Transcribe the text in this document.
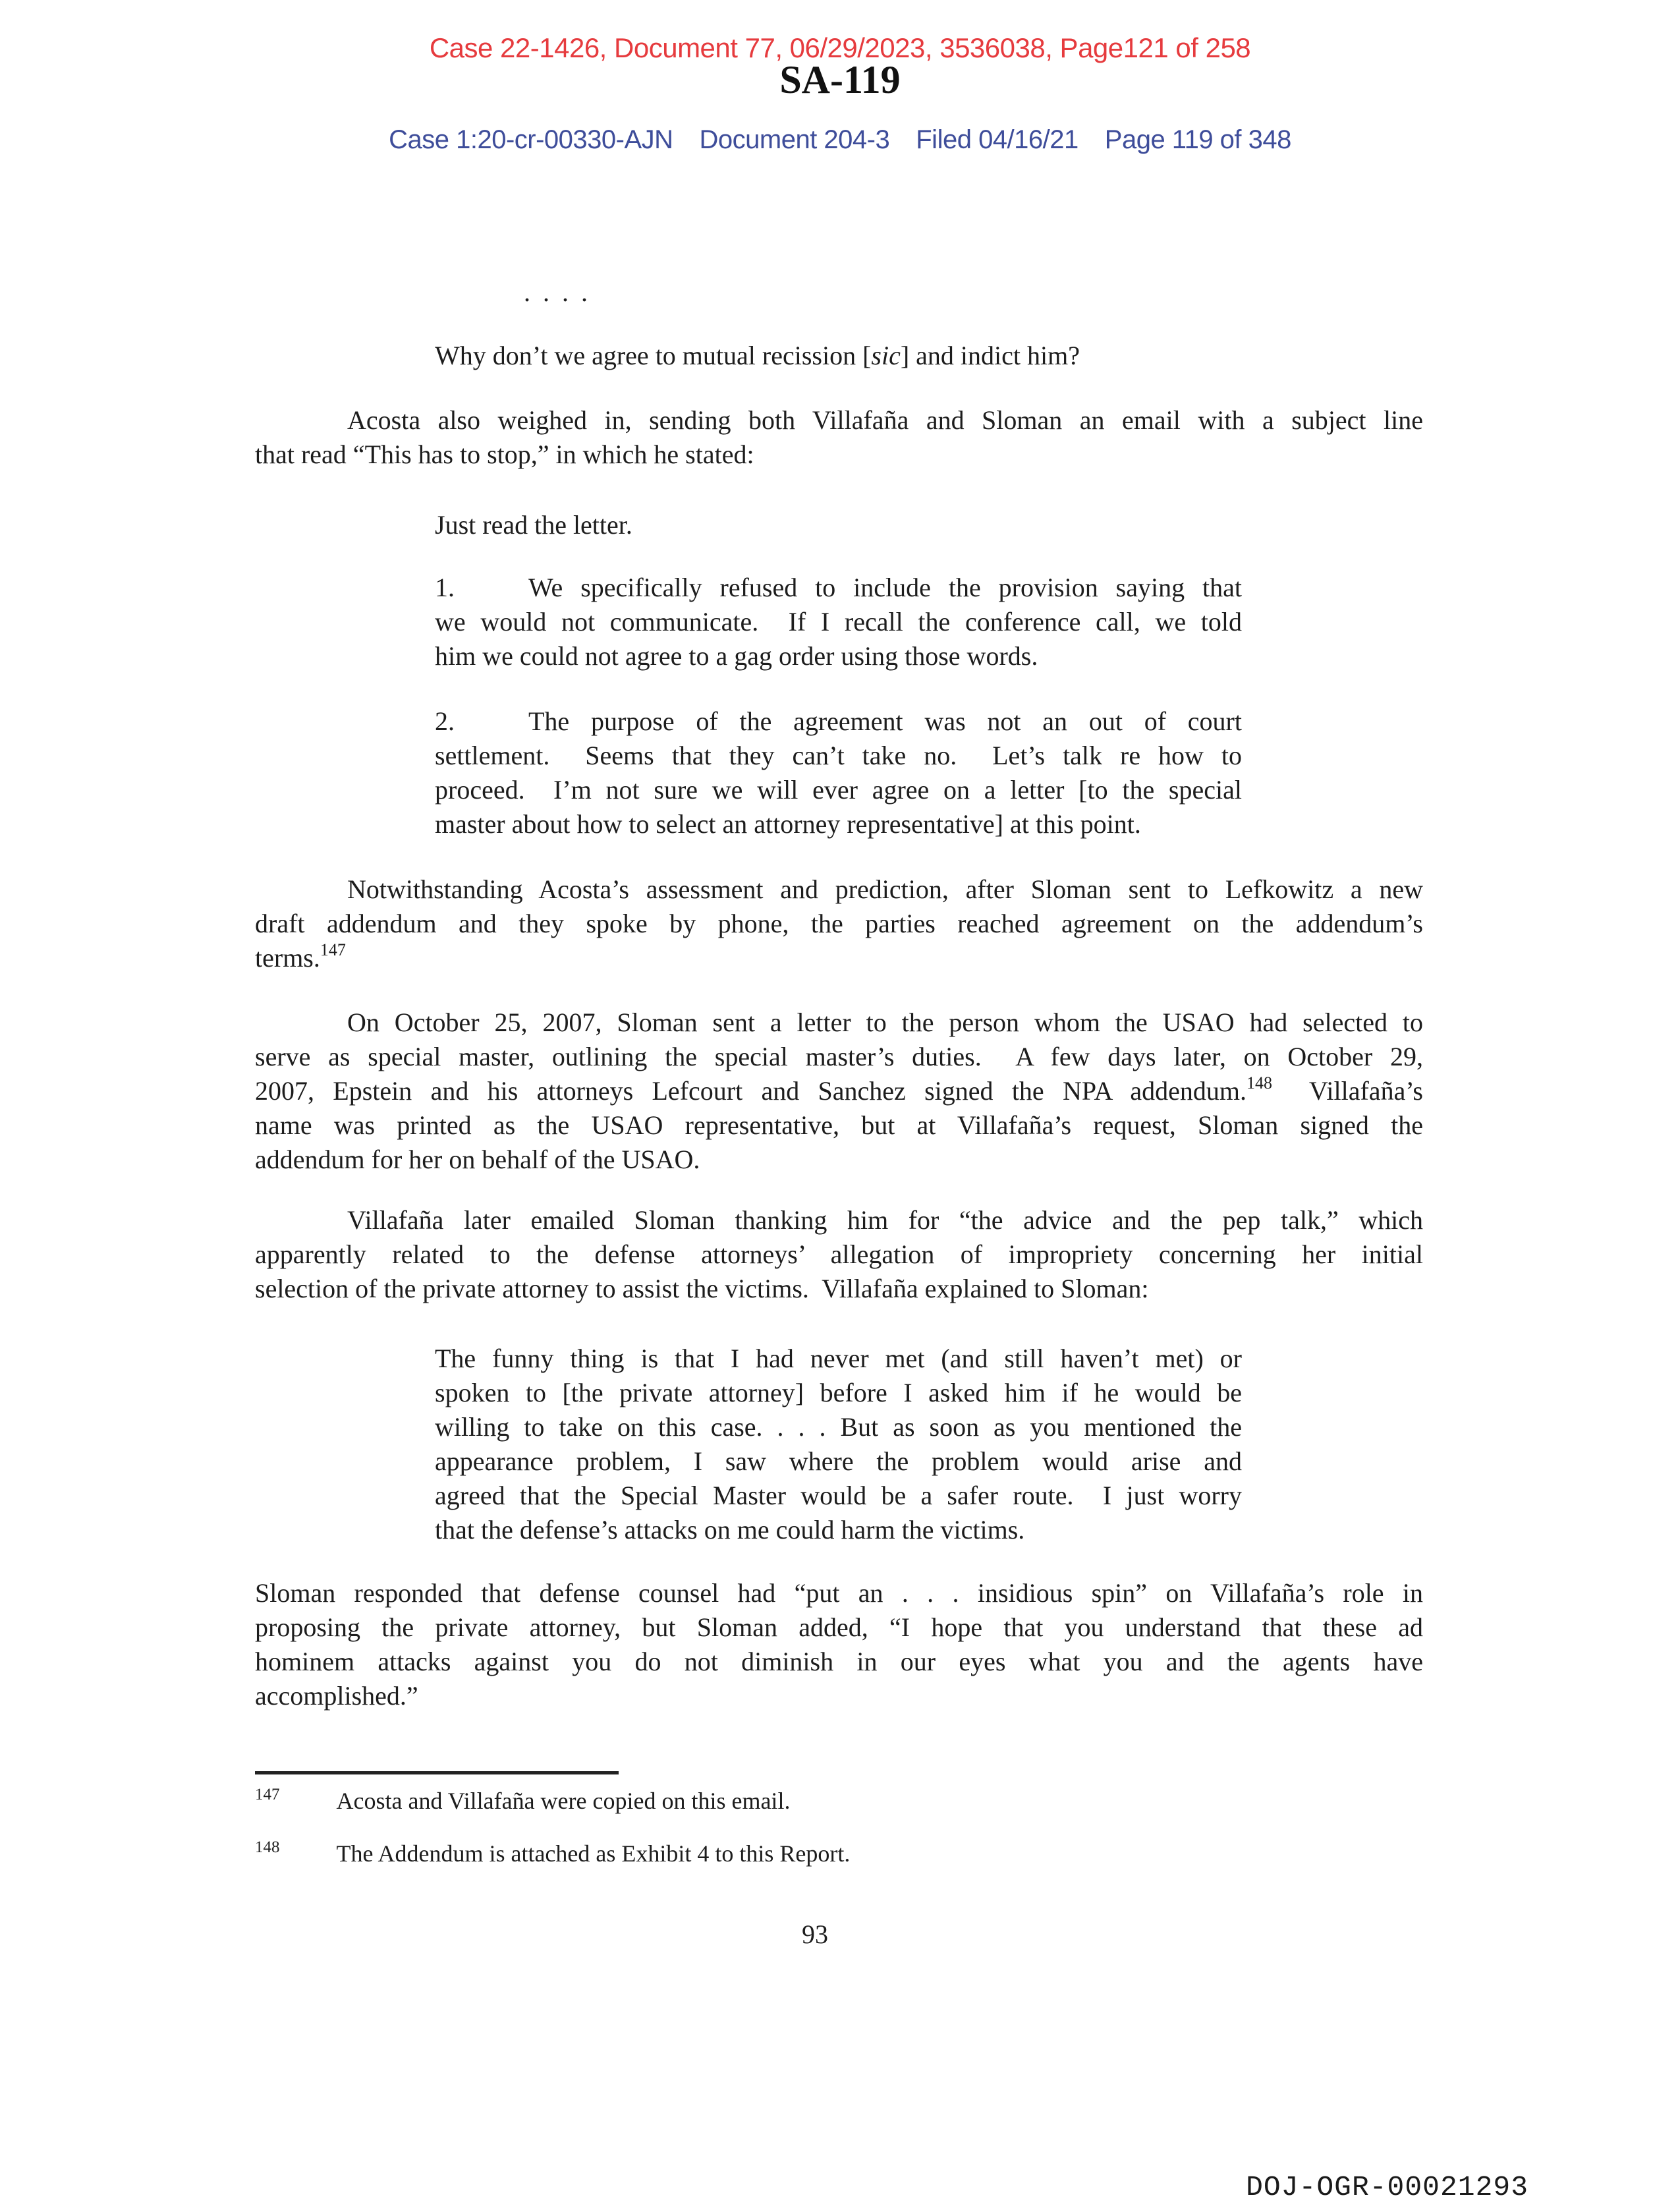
Case 22-1426, Document 77, 06/29/2023, 3536038, Page121 of 258
SA-119
Case 1:20-cr-00330-AJN Document 204-3 Filed 04/16/21 Page 119 of 348
. . . .
Why don’t we agree to mutual recission [sic] and indict him?
Acosta also weighed in, sending both Villafaña and Sloman an email with a subject line
that read “This has to stop,” in which he stated:
Just read the letter.
1.	We specifically refused to include the provision saying that
we would not communicate.  If I recall the conference call, we told
him we could not agree to a gag order using those words.
2.	The purpose of the agreement was not an out of court
settlement.  Seems that they can’t take no.  Let’s talk re how to
proceed.  I’m not sure we will ever agree on a letter [to the special
master about how to select an attorney representative] at this point.
Notwithstanding Acosta’s assessment and prediction, after Sloman sent to Lefkowitz a new
draft addendum and they spoke by phone, the parties reached agreement on the addendum’s
terms.$^{147}$
On October 25, 2007, Sloman sent a letter to the person whom the USAO had selected to
serve as special master, outlining the special master’s duties.  A few days later, on October 29,
2007, Epstein and his attorneys Lefcourt and Sanchez signed the NPA addendum.$^{148}$  Villafaña’s
name was printed as the USAO representative, but at Villafaña’s request, Sloman signed the
addendum for her on behalf of the USAO.
Villafaña later emailed Sloman thanking him for “the advice and the pep talk,” which
apparently related to the defense attorneys’ allegation of impropriety concerning her initial
selection of the private attorney to assist the victims.  Villafaña explained to Sloman:
The funny thing is that I had never met (and still haven’t met) or
spoken to [the private attorney] before I asked him if he would be
willing to take on this case. . . . But as soon as you mentioned the
appearance problem, I saw where the problem would arise and
agreed that the Special Master would be a safer route.  I just worry
that the defense’s attacks on me could harm the victims.
Sloman responded that defense counsel had “put an . . . insidious spin” on Villafaña’s role in
proposing the private attorney, but Sloman added, “I hope that you understand that these ad
hominem attacks against you do not diminish in our eyes what you and the agents have
accomplished.”
$^{147}$ Acosta and Villafaña were copied on this email.
$^{148}$ The Addendum is attached as Exhibit 4 to this Report.
93
DOJ-OGR-00021293
